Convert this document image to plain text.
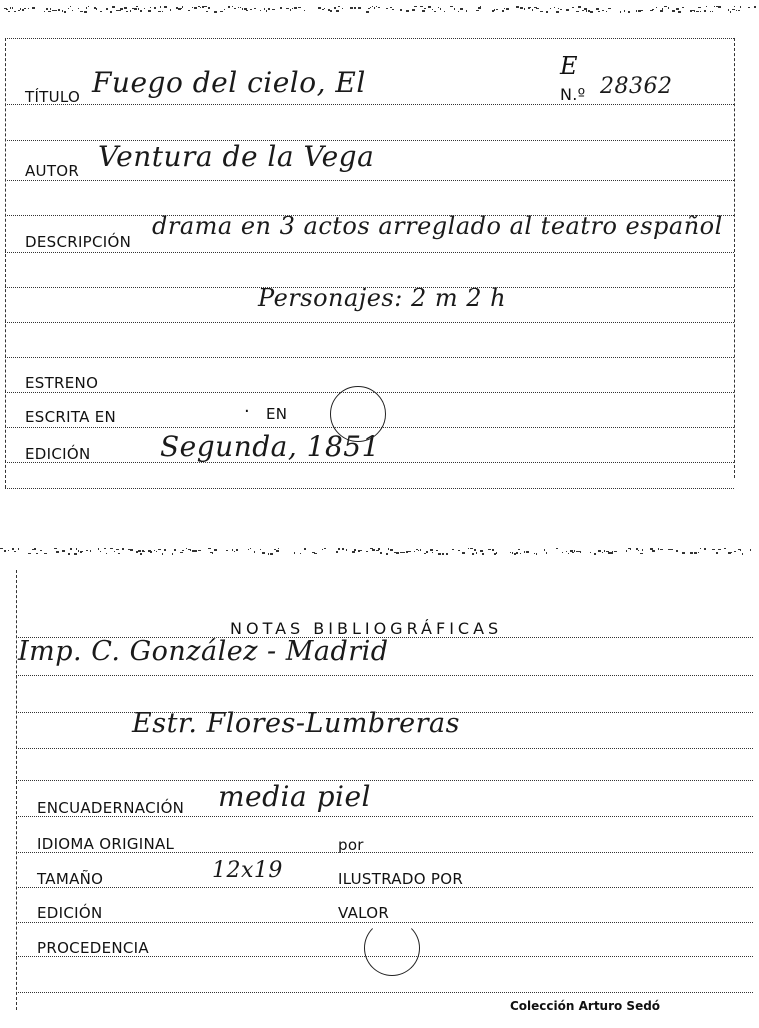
TÍTULO Fuego del cielo, El	E
N.º 28362
AUTOR Ventura de la Vega
DESCRIPCIÓN
drama en 3 actos arreglado al teatro español
Personajes: 2 m 2 h
ESTRENO
ESCRITA EN	. EN
EDICIÓN Segunda, 1851
NOTAS BIBLIOGRÁFICAS
Imp. C. González - Madrid
Estr. Flores-Lumbreras
ENCUADERNACIÓN media piel
IDIOMA ORIGINAL	por
TAMAÑO	12x19	ILUSTRADO POR
EDICIÓN	VALOR
PROCEDENCIA
Colección Arturo Sedó
